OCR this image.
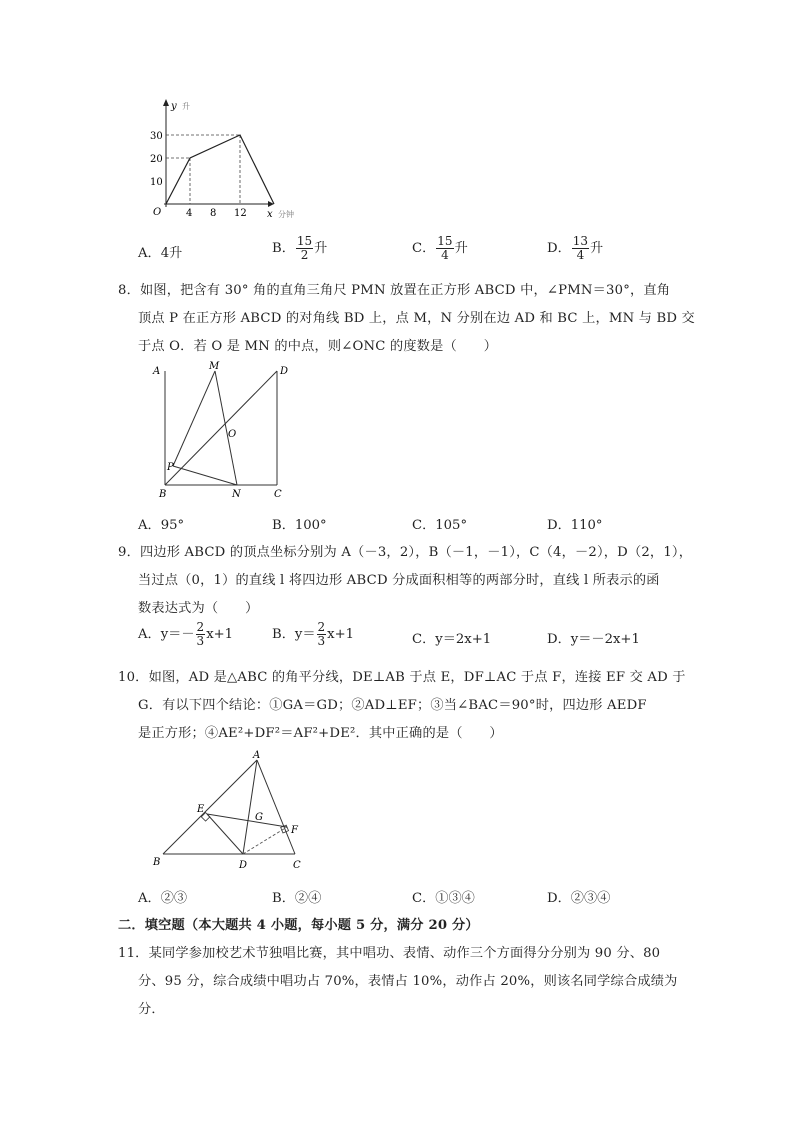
y 升
30
20
10
O 4 8 12 x 分钟
A．4升	B． $\frac{15}{2}$ 升	C． $\frac{15}{4}$ 升	D． $\frac{13}{4}$ 升
8．如图，把含有 30° 角的直角三角尺 PMN 放置在正方形 ABCD 中，∠PMN＝30°，直角
顶点 P 在正方形 ABCD 的对角线 BD 上，点 M，N 分别在边 AD 和 BC 上，MN 与 BD 交
于点 O．若 O 是 MN 的中点，则∠ONC 的度数是（　　）
A	M	D
O
P
B	N	C
A．95°	B．100°	C．105°	D．110°
9．四边形 ABCD 的顶点坐标分别为 A（－3，2），B（－1，－1），C（4，－2），D（2，1），
当过点（0，1）的直线 l 将四边形 ABCD 分成面积相等的两部分时，直线 l 所表示的函
数表达式为（　　）
A．$y=- \frac{2}{3} x+1$	B．$y= \frac{2}{3} x+1$	C．y＝2x+1	D．y＝－2x+1
10．如图，AD 是△ABC 的角平分线，DE⊥AB 于点 E，DF⊥AC 于点 F，连接 EF 交 AD 于
G．有以下四个结论：①GA＝GD；②AD⊥EF；③当∠BAC＝90°时，四边形 AEDF
是正方形；④AE²+DF²＝AF²+DE²．其中正确的是（　　）
A
E
G
F
B	D	C
A．②③	B．②④	C．①③④	D．②③④
二．填空题（本大题共 4 小题，每小题 5 分，满分 20 分）
11．某同学参加校艺术节独唱比赛，其中唱功、表情、动作三个方面得分分别为 90 分、80
分、95 分，综合成绩中唱功占 70%，表情占 10%，动作占 20%，则该名同学综合成绩为
分．
